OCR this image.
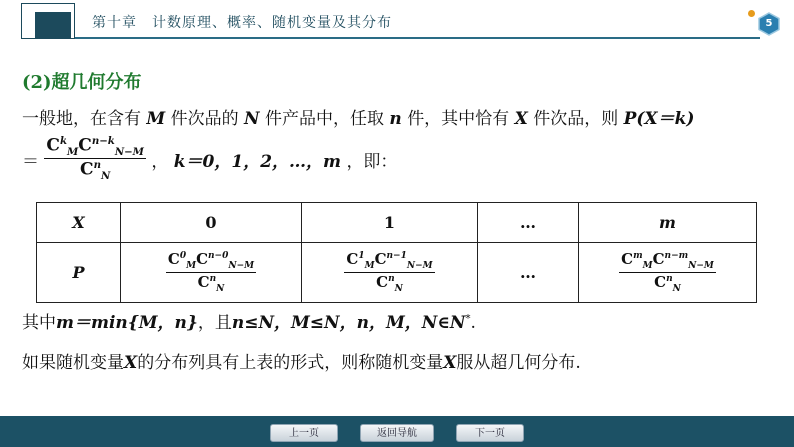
第十章　计数原理、概率、随机变量及其分布	5
(2)超几何分布
一般地，在含有 M 件次品的 N 件产品中，任取 n 件，其中恰有 X 件次品，则 P(X＝k)
＝ $\frac{C^k_MC^{n-k}_{N-M}}{C^n_N}$ ， k＝0，1，2，…，m ，即：
X	0	1	…	m
P	$\frac{C^0_MC^{n-0}_{N-M}}{C^n_N}$	$\frac{C^1_MC^{n-1}_{N-M}}{C^n_N}$	…	$\frac{C^m_MC^{n-m}_{N-M}}{C^n_N}$
其中m＝min{M，n}，且n≤N，M≤N，n，M，N∈N*.
如果随机变量X的分布列具有上表的形式，则称随机变量X服从超几何分布.
上一页	返回导航	下一页
